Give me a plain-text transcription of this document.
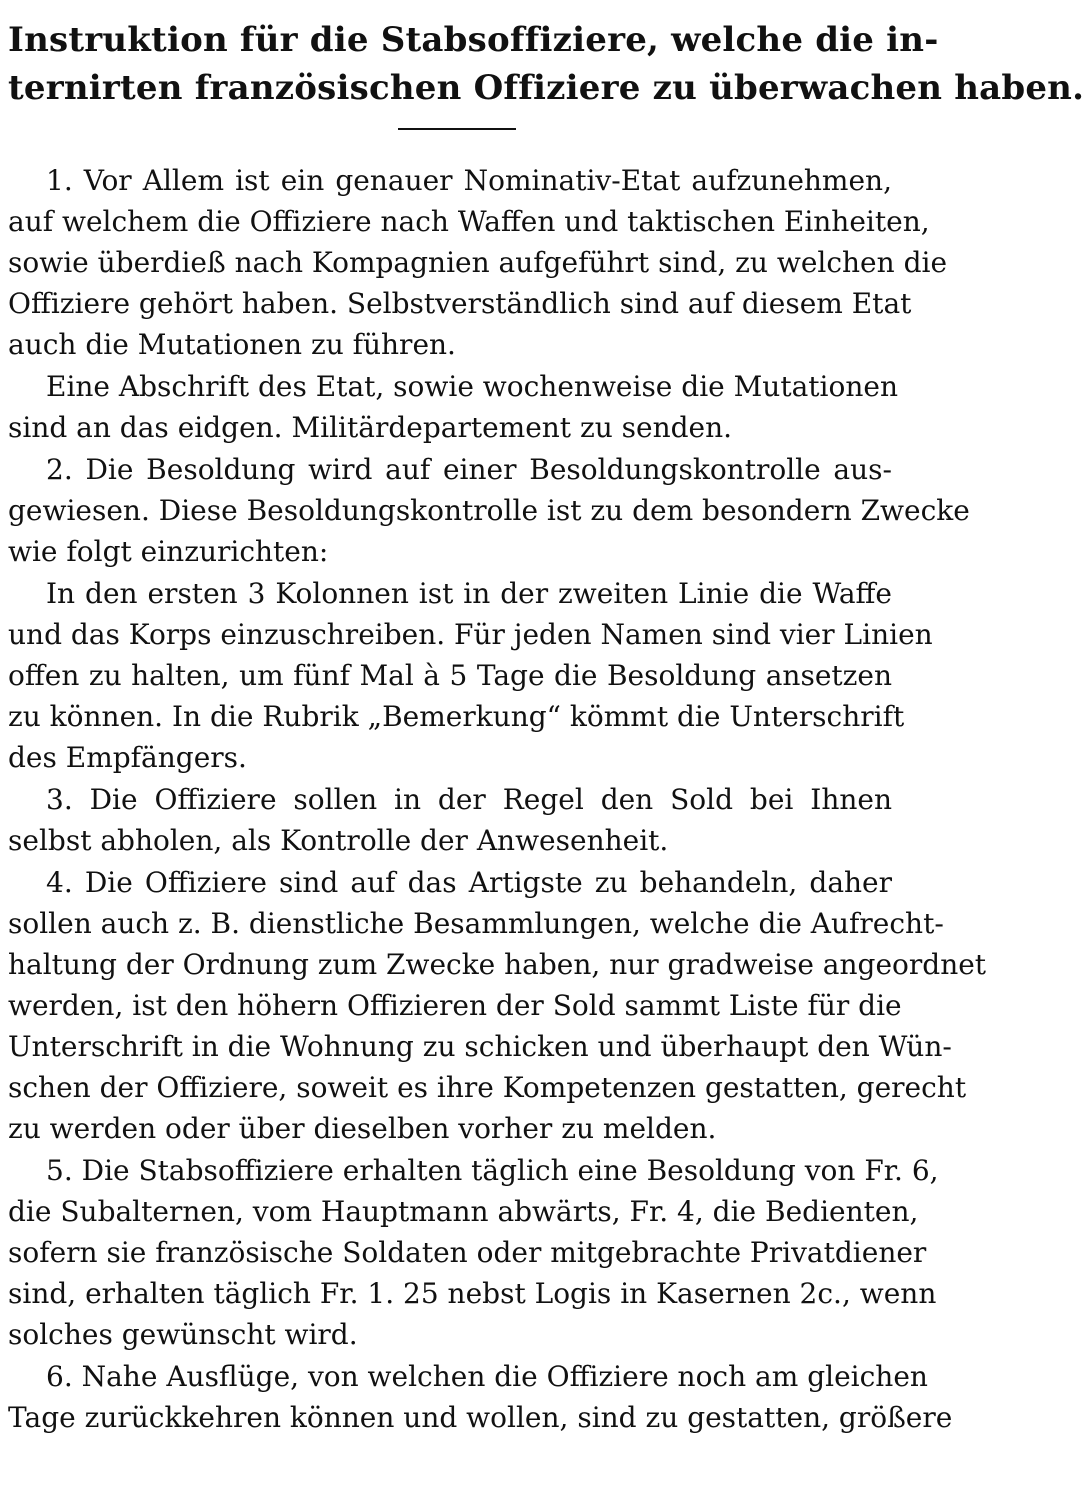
Instruktion für die Stabsoffiziere, welche die in-
ternirten französischen Offiziere zu überwachen haben.

1. Vor Allem ist ein genauer Nominativ-Etat aufzunehmen,
auf welchem die Offiziere nach Waffen und taktischen Einheiten,
sowie überdieß nach Kompagnien aufgeführt sind, zu welchen die
Offiziere gehört haben. Selbstverständlich sind auf diesem Etat
auch die Mutationen zu führen.

Eine Abschrift des Etat, sowie wochenweise die Mutationen
sind an das eidgen. Militärdepartement zu senden.

2. Die Besoldung wird auf einer Besoldungskontrolle aus-
gewiesen. Diese Besoldungskontrolle ist zu dem besondern Zwecke
wie folgt einzurichten:

In den ersten 3 Kolonnen ist in der zweiten Linie die Waffe
und das Korps einzuschreiben. Für jeden Namen sind vier Linien
offen zu halten, um fünf Mal à 5 Tage die Besoldung ansetzen
zu können. In die Rubrik „Bemerkung“ kömmt die Unterschrift
des Empfängers.

3. Die Offiziere sollen in der Regel den Sold bei Ihnen
selbst abholen, als Kontrolle der Anwesenheit.

4. Die Offiziere sind auf das Artigste zu behandeln, daher
sollen auch z. B. dienstliche Besammlungen, welche die Aufrecht-
haltung der Ordnung zum Zwecke haben, nur gradweise angeordnet
werden, ist den höhern Offizieren der Sold sammt Liste für die
Unterschrift in die Wohnung zu schicken und überhaupt den Wün-
schen der Offiziere, soweit es ihre Kompetenzen gestatten, gerecht
zu werden oder über dieselben vorher zu melden.

5. Die Stabsoffiziere erhalten täglich eine Besoldung von Fr. 6,
die Subalternen, vom Hauptmann abwärts, Fr. 4, die Bedienten,
sofern sie französische Soldaten oder mitgebrachte Privatdiener
sind, erhalten täglich Fr. 1. 25 nebst Logis in Kasernen 2c., wenn
solches gewünscht wird.

6. Nahe Ausflüge, von welchen die Offiziere noch am gleichen
Tage zurückkehren können und wollen, sind zu gestatten, größere
